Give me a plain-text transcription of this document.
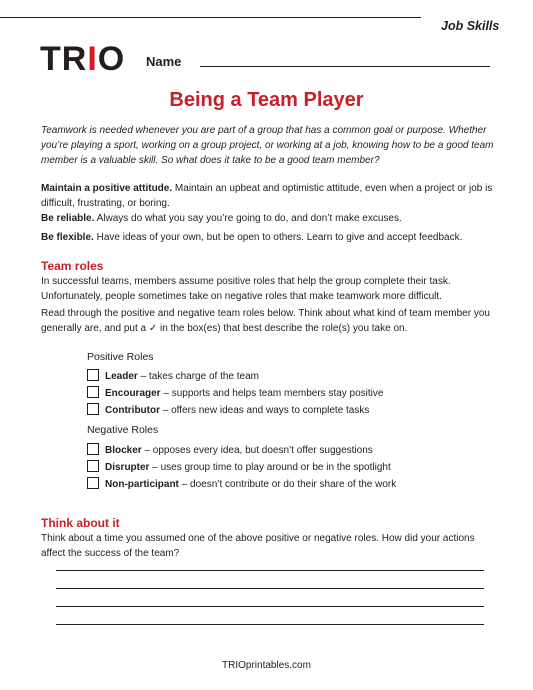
Job Skills
TRIO Name
Being a Team Player
Teamwork is needed whenever you are part of a group that has a common goal or purpose. Whether you’re playing a sport, working on a group project, or working at a job, knowing how to be a good team member is a valuable skill. So what does it take to be a good team member?
Maintain a positive attitude. Maintain an upbeat and optimistic attitude, even when a project or job is difficult, frustrating, or boring.
Be reliable. Always do what you say you’re going to do, and don’t make excuses.
Be flexible. Have ideas of your own, but be open to others. Learn to give and accept feedback.
Team roles
In successful teams, members assume positive roles that help the group complete their task. Unfortunately, people sometimes take on negative roles that make teamwork more difficult.
Read through the positive and negative team roles below. Think about what kind of team member you generally are, and put a ✓ in the box(es) that best describe the role(s) you take on.
Positive Roles
Leader – takes charge of the team
Encourager – supports and helps team members stay positive
Contributor – offers new ideas and ways to complete tasks
Negative Roles
Blocker – opposes every idea, but doesn’t offer suggestions
Disrupter – uses group time to play around or be in the spotlight
Non-participant – doesn’t contribute or do their share of the work
Think about it
Think about a time you assumed one of the above positive or negative roles. How did your actions affect the success of the team?
TRIOprintables.com
